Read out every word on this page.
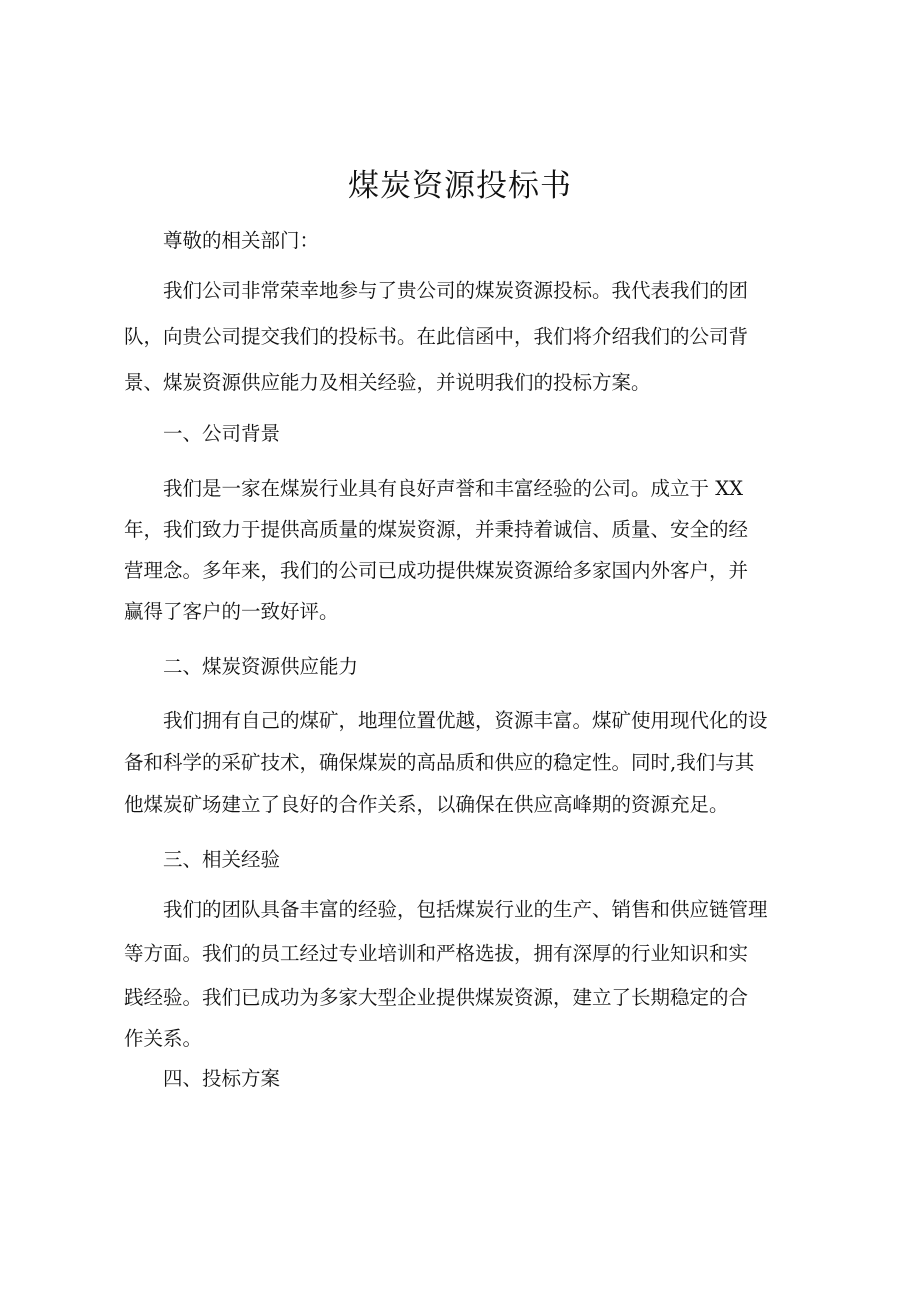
煤炭资源投标书

尊敬的相关部门：

我们公司非常荣幸地参与了贵公司的煤炭资源投标。我代表我们的团
队，向贵公司提交我们的投标书。在此信函中，我们将介绍我们的公司背
景、煤炭资源供应能力及相关经验，并说明我们的投标方案。

一、公司背景

我们是一家在煤炭行业具有良好声誉和丰富经验的公司。成立于 XX
年，我们致力于提供高质量的煤炭资源，并秉持着诚信、质量、安全的经
营理念。多年来，我们的公司已成功提供煤炭资源给多家国内外客户，并
赢得了客户的一致好评。

二、煤炭资源供应能力

我们拥有自己的煤矿，地理位置优越，资源丰富。煤矿使用现代化的设
备和科学的采矿技术，确保煤炭的高品质和供应的稳定性。同时,我们与其
他煤炭矿场建立了良好的合作关系，以确保在供应高峰期的资源充足。

三、相关经验

我们的团队具备丰富的经验，包括煤炭行业的生产、销售和供应链管理
等方面。我们的员工经过专业培训和严格选拔，拥有深厚的行业知识和实
践经验。我们已成功为多家大型企业提供煤炭资源，建立了长期稳定的合
作关系。

四、投标方案
